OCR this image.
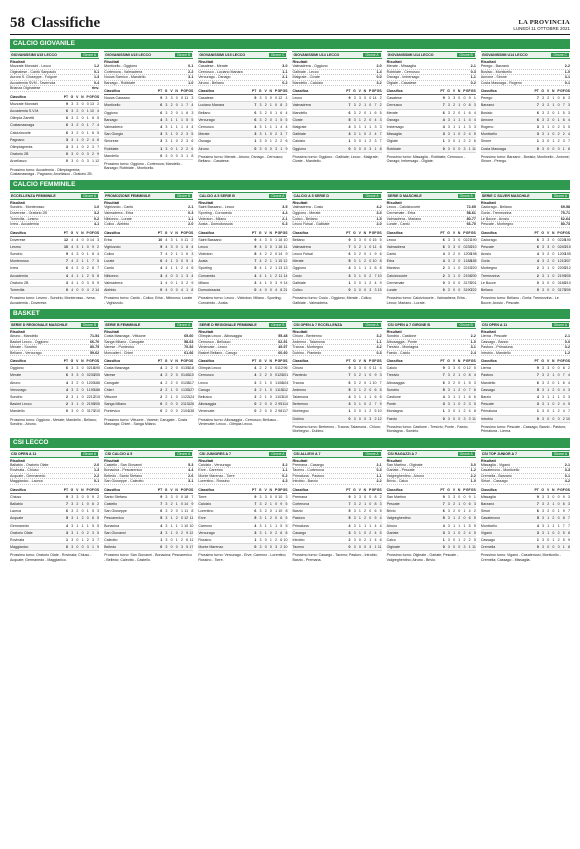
58 Classifiche	LA PROVINCIA
LUNEDÌ 11 OTTOBRE 2021
CALCIO GIOVANILE
GIOVANISSIMI U15 LECCO	Girone A
Risultati
Mozzate Morosini - Lecco	1-2
Olginatese - Cantù Sanpaolo	0-1
Aurora S. Giuseppe - Folgore	1-3
Accademia SVM - Tavernola	0-4
Brianza Olginatese	rinv.
Classifica	PT G V N P GF GS
Mozzate Morosini	9 3 3 0 0 13 2
Accademia S.V.M.	6 3 2 0 1 10 4
Olimpia Zanetti	6 3 2 0 1 8 5
Costamasnaga	6 3 2 0 1 7 4
Calolziocorte	6 3 2 0 1 6 5
Pagnano	3 3 1 0 2 4 6
Olimpiagrenta	3 3 1 0 2 3 7
Oratorio 2B	0 3 0 0 3 2 9
Arcellasco	0 3 0 0 3 1 12
Prossimo turno: Accademia - Olimpiagrenta; Costamasnaga - Pagnano; Arcellasco - Oratorio 2B.
GIOVANISSIMI U15 LECCO	Girone B
Risultati
Monticello - Oggiono	0-1
Cortenova - Valmadrera	2-2
Nuova Sarnico - Mandello	3-1
Barzago - Robbiate	1-0
Classifica	PT G V N P GF GS
Nuova Cassano	9 3 3 0 0 11 3
Monticello	6 3 2 0 1 7 4
Oggiono	6 3 2 0 1 6 3
Barzago	4 3 1 1 1 5 5
Valmadrera	4 3 1 1 1 4 4
San Giorgio	3 3 1 0 2 3 5
Sirtorese	3 3 1 0 2 3 6
Robbiate	1 3 0 1 2 2 6
Mandello	0 3 0 0 3 1 8
Prossimo turno: Oggiono - Cortenova; Mandello - Barzago; Robbiate - Monticello.
GIOVANISSIMI U15 LECCO	Girone C
Risultati
Casatese - Merate	3-0
Cernusco - Luciano Manara	1-1
Vercurago - Osnago	2-1
Airuno - Bellano	0-2
Classifica	PT G V N P GF GS
Casatese	9 3 3 0 0 12 1
Luciano Manara	7 3 2 1 0 8 2
Bellano	6 3 2 0 1 6 4
Vercurago	6 3 2 0 1 5 5
Cernusco	4 3 1 1 1 4 4
Merate	3 3 1 0 2 3 7
Osnago	1 3 0 1 2 2 6
Airuno	0 3 0 0 3 1 9
Prossimo turno: Merate - Airuno; Osnago - Cernusco; Bellano - Casatese.
GIOVANISSIMI U14 LECCO	Girone A
Risultati
Valmadrera - Oggiono	2-0
Galbiate - Lecco	1-4
Malgrate - Civate	0-0
Mandello - Calolzio	3-2
Classifica	PT G V N P GF GS
Lecco	9 3 3 0 0 14 2
Valmadrera	7 3 2 1 0 7 2
Mandello	6 3 2 0 1 6 5
Civate	5 3 1 2 0 4 3
Malgrate	4 3 1 1 1 3 3
Galbiate	3 3 1 0 2 4 7
Calolzio	1 3 0 1 2 3 7
Oggiono	0 3 0 0 3 1 8
Prossimo turno: Oggiono - Galbiate; Lecco - Malgrate; Civate - Mandello.
GIOVANISSIMI U14 LECCO	Girone B
Risultati
Merate - Missaglia	2-1
Robbiate - Cernusco	0-3
Osnago - Imbersago	1-1
Olgiate - Casatese	0-2
Classifica	PT G V N P GF GS
Casatese	9 3 3 0 0 9 1
Cernusco	7 3 2 1 0 8 3
Merate	6 3 2 0 1 6 4
Osnago	4 3 1 1 1 4 4
Imbersago	4 3 1 1 1 3 3
Missaglia	3 3 1 0 2 4 5
Olgiate	1 3 0 1 2 2 6
Robbiate	0 3 0 0 3 1 11
Prossimo turno: Missaglia - Robbiate; Cernusco - Osnago; Imbersago - Olgiate.
GIOVANISSIMI U14 LECCO	Girone C
Risultati
Perego - Barzanò	2-2
Bosisio - Monticello	1-0
Annone - Sirone	3-1
Costa Masnaga - Rogeno	0-1
Classifica	PT G V N P GF GS
Perego	7 3 2 1 0 8 3
Barzanò	7 3 2 1 0 7 3
Bosisio	6 3 2 0 1 5 3
Annone	6 3 2 0 1 6 4
Rogeno	3 3 1 0 2 3 5
Monticello	3 3 1 0 2 2 4
Sirone	1 3 0 1 2 3 7
Costa Masnaga	0 3 0 0 3 1 6
Prossimo turno: Barzanò - Bosisio; Monticello - Annone; Sirone - Perego.
CALCIO FEMMINILE
ECCELLENZA FEMMINILE	Girone A
Risultati
Sondrio - Monterosso	1-0
Doverese - Oratorio 2B	3-2
Torrevilla - Lesmo	0-2
Ivrea - Accademia	4-1
Classifica	PT G V N P GF GS
Doverese	12 4 4 0 0 14 3
Lesmo	10 4 3 1 0 9 2
Sondrio	9 4 3 0 1 8 4
Monterosso	7 4 2 1 1 7 5
Ivrea	6 4 2 0 2 8 7
Accademia	4 4 1 1 2 5 8
Oratorio 2B	3 4 1 0 3 5 9
Torrevilla	0 4 0 0 4 2 14
Prossimo turno: Lesmo - Sondrio; Monterosso - Ivrea; Accademia - Doverese.
PROMOZIONE FEMMINILE	Girone B
Risultati
Vighizzolo - Cantù	2-1
Valmadrera - Erba	0-3
Nibionno - Lurate	1-1
Colico - Alebbio	2-0
Classifica	PT G V N P GF GS
Erba	10 4 3 1 0 11 2
Vighizzolo	9 4 3 0 1 8 4
Colico	7 4 2 1 1 6 3
Lurate	6 4 1 3 0 5 4
Cantù	4 4 1 1 2 4 6
Nibionno	3 4 0 3 1 3 4
Valmadrera	1 4 0 1 3 2 9
Alebbio	0 4 0 0 4 1 8
Prossimo turno: Cantù - Colico; Erba - Nibionno; Lurate - Vighizzolo.
CALCIO A 5 SERIE B	Girone A
Risultati
Saint Bassano - Lecco	3-5
Sporting - Cornaredo	4-4
Videoton - Milano	2-1
Aosta - Domodossola	6-3
Classifica	PT G V N P GF GS
Saint Bassano	9 4 3 0 1 18 10
Lecco	9 4 3 0 1 16 11
Videoton	8 4 2 2 0 14 9
Aosta	7 4 2 1 1 15 12
Sporting	5 4 1 2 1 13 13
Cornaredo	4 4 1 1 2 11 14
Milano	3 4 1 0 3 9 14
Domodossola	0 4 0 0 4 8 21
Prossimo turno: Lecco - Videoton; Milano - Sporting; Cornaredo - Aosta.
CALCIO A 5 SERIE D	Girone A
Risultati
Valmadrera - Cosio	4-2
Oggiono - Merate	3-3
Colico - Bellano	1-5
Lecco Futsal - Galbiate	2-0
Classifica	PT G V N P GF GS
Bellano	9 3 3 0 0 15 5
Valmadrera	7 3 2 1 0 11 6
Lecco Futsal	6 3 2 0 1 9 6
Merate	5 3 1 2 0 10 8
Oggiono	4 3 1 1 1 8 8
Cosio	3 3 1 0 2 7 10
Galbiate	1 3 0 1 2 4 9
Colico	0 3 0 0 3 3 15
Prossimo turno: Cosio - Oggiono; Merate - Colico; Galbiate - Valmadrera.
SERIE D MASCHILE	Girone A
Risultati
Lecco - Calolziocorte	72-65
Cermenate - Erba	58-61
Valmadrera - Mariano	80-77
Lurate - Cantù	66-70
Classifica	PT G V N P GF GS
Lecco	6 3 3 0 0 221 190
Valmadrera	6 3 3 0 0 235 210
Cantù	4 3 2 0 1 205 198
Erba	4 3 2 0 1 188 185
Mariano	2 3 1 0 2 215 220
Calolziocorte	2 3 1 0 2 194 200
Cermenate	0 3 0 0 3 178 201
Lurate	0 3 0 0 3 190 222
Prossimo turno: Calolziocorte - Valmadrera; Erba - Lecco; Mariano - Lurate.
SERIE C SILVER MASCHILE	Girone A
Risultati
Cadorago - Bellano	69-58
Gorla - Tremezzina	75-71
Le Bocce - Arosio	62-64
Pescate - Morbegno	80-73
Classifica	PT G V N P GF GS
Cadorago	6 3 3 0 0 228 190
Pescate	6 3 3 0 0 240 215
Arosio	4 3 2 0 1 200 195
Gorla	4 3 2 0 1 210 207
Morbegno	2 3 1 0 2 205 212
Tremezzina	2 3 1 0 2 199 205
Le Bocce	0 3 0 0 3 186 210
Bellano	0 3 0 0 3 175 209
Prossimo turno: Bellano - Gorla; Tremezzina - Le Bocce; Arosio - Pescate.
BASKET
SERIE D REGIONALE MASCHILE	Girone B
Risultati
Airuno - Mandello	71-54
Basket Lecco - Oggiono	66-70
Merate - Sondrio	80-75
Bellano - Vercurago	59-62
Classifica	PT G V N P GF GS
Oggiono	6 3 3 0 0 218 190
Merate	6 3 3 0 0 230 205
Airuno	4 3 2 0 1 200 186
Vercurago	4 3 2 0 1 190 188
Sondrio	2 3 1 0 2 212 215
Basket Lecco	2 3 1 0 2 199 205
Mandello	0 3 0 0 3 170 210
Prossimo turno: Oggiono - Merate; Mandello - Bellano; Sondrio - Airuno.
SERIE B FEMMINILE	Girone A
Risultati
Costa Masnaga - Vittuone	65-60
Sanga Milano - Carugate	58-63
Varese - Pontevico	70-52
Moncalieri - Chieri	61-66
Classifica	PT G V N P GF GS
Costa Masnaga	4 2 2 0 0 135 118
Varese	4 2 2 0 0 140 110
Carugate	4 2 2 0 0 128 117
Chieri	2 2 1 0 1 130 127
Vittuone	2 2 1 0 1 122 124
Sanga Milano	0 2 0 0 2 113 126
Pontevico	0 2 0 0 2 104 138
Prossimo turno: Vittuone - Varese; Carugate - Costa Masnaga; Chieri - Sanga Milano.
SERIE D REGIONALE FEMMINILE	Girone B
Risultati
Olimpia Lecco - Albosaggia	55-48
Cernusco - Bellusco	62-51
Vimercate - Lecco	49-57
Basket Bellano - Carugo	60-60
Classifica	PT G V N P GF GS
Olimpia Lecco	4 2 2 0 0 112 96
Cernusco	4 2 2 0 0 120 101
Lecco	2 2 1 0 1 108 104
Carugo	2 2 1 0 1 115 112
Bellusco	2 2 1 0 1 103 110
Albosaggia	0 2 0 0 2 95 114
Vimercate	0 2 0 0 2 98 117
Prossimo turno: Albosaggia - Cernusco; Bellusco - Vimercate; Lecco - Olimpia Lecco.
CSI OPEN A 7 ECCELLENZA	Girone A
Risultati
Chiuro - Berbenno	3-2
Ardenno - Talamona	1-1
Traona - Morbegno	4-2
Dubino - Piantedo	0-3
Classifica	PT G V N P GF GS
Chiuro	9 3 3 0 0 11 4
Piantedo	7 3 2 1 0 9 3
Traona	6 3 2 0 1 10 7
Ardenno	5 3 1 2 0 6 5
Talamona	4 3 1 1 1 6 6
Berbenno	3 3 1 0 2 7 9
Morbegno	1 3 0 1 2 5 10
Dubino	0 3 0 0 3 2 12
Prossimo turno: Berbenno - Traona; Talamona - Chiuro; Morbegno - Dubino.
CSI OPEN A 7 GIRONE B	Girone B
Risultati
Sondrio - Castione	2-2
Albosaggia - Ponte	1-0
Tresivio - Montagna	3-1
Faedo - Caiolo	2-4
Classifica	PT G V N P GF GS
Caiolo	9 3 3 0 0 12 5
Tresivio	7 3 2 1 0 8 4
Albosaggia	6 3 2 0 1 5 3
Sondrio	5 3 1 2 0 7 6
Castione	4 3 1 1 1 6 6
Ponte	3 3 1 0 2 3 5
Montagna	1 3 0 1 2 4 8
Faedo	0 3 0 0 3 3 11
Prossimo turno: Castione - Tresivio; Ponte - Faedo; Montagna - Sondrio.
CSI OPEN A 11	Girone A
Risultati
Lierna - Pescate	2-1
Cassago - Barzio	0-0
Pasturo - Primaluna	3-2
Introbio - Mandello	1-2
Classifica	PT G V N P GF GS
Lierna	9 3 3 0 0 8 2
Pasturo	7 3 2 1 0 7 4
Mandello	6 3 2 0 1 6 4
Cassago	5 3 1 2 0 4 3
Barzio	4 3 1 1 1 3 3
Pescate	3 3 1 0 2 4 5
Primaluna	1 3 0 1 2 4 7
Introbio	0 3 0 0 3 2 10
Prossimo turno: Pescate - Cassago; Barzio - Pasturo; Primaluna - Lierna.
CSI LECCO
CSI OPEN A 11	Girone A
Risultati
Ballabio - Oratorio Olate	2-0
Rovinata - Chiuso	1-3
Acquate - Germanedo	2-2
Maggianico - Laorca	0-1
Classifica	PT G V N P GF GS
Chiuso	9 3 3 0 0 9 2
Ballabio	7 3 2 1 0 6 2
Laorca	6 3 2 0 1 5 3
Acquate	5 3 1 2 0 6 5
Germanedo	4 3 1 1 1 5 5
Oratorio Olate	3 3 1 0 2 3 5
Rovinata	1 3 0 1 2 3 7
Maggianico	0 3 0 0 3 1 9
Prossimo turno: Oratorio Olate - Rovinata; Chiuso - Acquate; Germanedo - Maggianico.
CSI CALCIO A 5	Girone A
Risultati
Castello - San Giovanni	5-3
Bonacina - Pescarenico	4-4
Belledo - Santo Stefano	2-6
San Giuseppe - Caleotto	3-1
Classifica	PT G V N P GF GS
Santo Stefano	9 3 3 0 0 18 7
Castello	7 3 2 1 0 14 9
San Giuseppe	6 3 2 0 1 11 8
Pescarenico	5 3 1 2 0 12 11
Bonacina	4 3 1 1 1 10 10
San Giovanni	3 3 1 0 2 9 12
Caleotto	1 3 0 1 2 6 11
Belledo	0 3 0 0 3 5 17
Prossimo turno: San Giovanni - Bonacina; Pescarenico - Belledo; Caleotto - Castello.
CSI JUNIORES A 7	Girone A
Risultati
Calolzio - Vercurago	3-2
Erve - Carenno	1-1
Monte Marenzo - Torre	0-2
Lorentino - Rossino	4-3
Classifica	PT G V N P GF GS
Torre	9 3 3 0 0 10 3
Calolzio	7 3 2 1 0 9 5
Lorentino	6 3 2 0 1 10 8
Erve	5 3 1 2 0 6 5
Carenno	4 3 1 1 1 5 5
Vercurago	3 3 1 0 2 6 8
Rossino	1 3 0 1 2 6 10
Monte Marenzo	0 3 0 0 3 2 10
Prossimo turno: Vercurago - Erve; Carenno - Lorentino; Rossino - Torre.
CSI ALLIEVI A 7	Girone A
Risultati
Premana - Casargo	2-1
Taceno - Cortenova	0-3
Primaluna - Pasturo	1-1
Introbio - Barzio	2-2
Classifica	PT G V N P GF GS
Premana	9 3 3 0 0 8 2
Cortenova	7 3 2 1 0 8 3
Barzio	5 3 1 2 0 6 5
Pasturo	5 3 1 2 0 5 4
Primaluna	4 3 1 1 1 4 4
Casargo	3 3 1 0 2 4 5
Introbio	2 3 0 2 1 4 6
Taceno	0 3 0 0 3 1 11
Prossimo turno: Casargo - Taceno; Pasturo - Introbio; Barzio - Premana.
CSI RAGAZZI A 7	Girone A
Risultati
San Martino - Olginate	3-0
Garlate - Pescate	1-2
Valgreghentino - Airuno	2-2
Brivio - Calco	1-0
Classifica	PT G V N P GF GS
San Martino	9 3 3 0 0 9 1
Pescate	7 3 2 1 0 6 3
Brivio	6 3 2 0 1 4 2
Valgreghentino	5 3 1 2 0 6 5
Airuno	4 3 1 1 1 5 5
Garlate	3 3 1 0 2 4 5
Calco	1 3 0 1 2 2 5
Olginate	0 3 0 0 3 1 11
Prossimo turno: Olginate - Garlate; Pescate - Valgreghentino; Airuno - Brivio.
CSI TOP JUNIOR A 7	Girone A
Risultati
Missaglia - Viganò	2-1
Casatenovo - Monticello	3-3
Cremella - Barzanò	0-1
Sirtori - Cassago	4-2
Classifica	PT G V N P GF GS
Missaglia	9 3 3 0 0 9 3
Barzanò	7 3 2 1 0 6 3
Sirtori	6 3 2 0 1 9 7
Casatenovo	5 3 1 2 0 8 7
Monticello	4 3 1 1 1 7 7
Viganò	3 3 1 0 2 5 6
Cassago	1 3 0 1 2 5 9
Cremella	0 3 0 0 3 1 8
Prossimo turno: Viganò - Casatenovo; Monticello - Cremella; Cassago - Missaglia.
